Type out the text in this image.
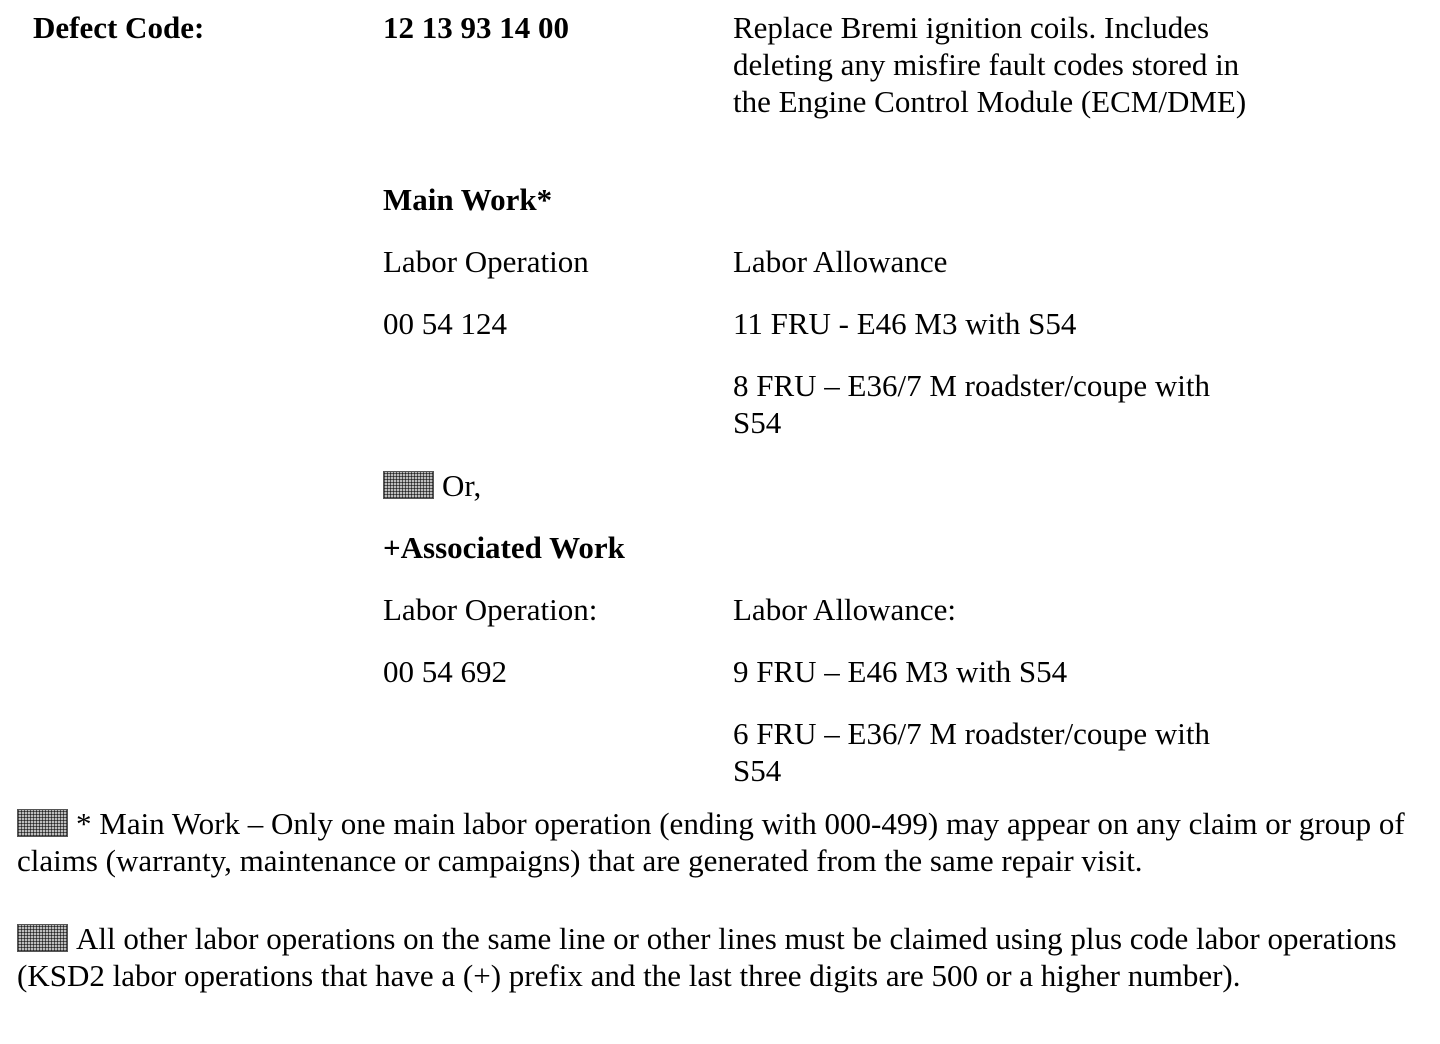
Defect Code:	12 13 93 14 00	Replace Bremi ignition coils. Includes deleting any misfire fault codes stored in the Engine Control Module (ECM/DME)
Main Work*
Labor Operation	Labor Allowance
00 54 124	11 FRU - E46 M3 with S54
8 FRU – E36/7 M roadster/coupe with S54
Or,
+Associated Work
Labor Operation:	Labor Allowance:
00 54 692	9 FRU – E46 M3 with S54
6 FRU – E36/7 M roadster/coupe with S54
* Main Work – Only one main labor operation (ending with 000-499) may appear on any claim or group of claims (warranty, maintenance or campaigns) that are generated from the same repair visit.
All other labor operations on the same line or other lines must be claimed using plus code labor operations (KSD2 labor operations that have a (+) prefix and the last three digits are 500 or a higher number).
